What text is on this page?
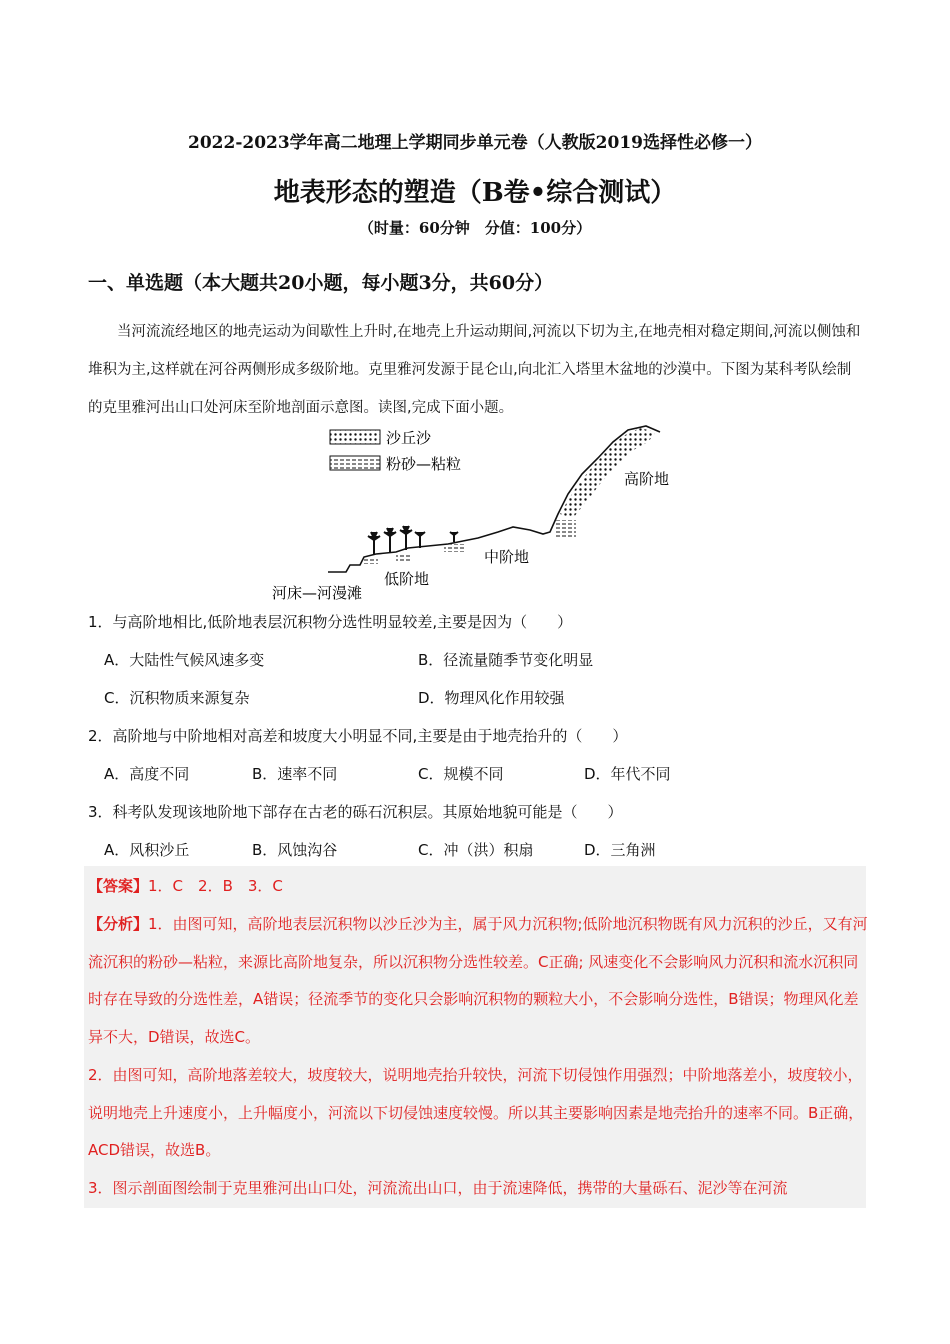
2022-2023学年高二地理上学期同步单元卷（人教版2019选择性必修一）
地表形态的塑造（B卷•综合测试）
（时量：60分钟　分值：100分）
一、单选题（本大题共20小题，每小题3分，共60分）
当河流流经地区的地壳运动为间歇性上升时,在地壳上升运动期间,河流以下切为主,在地壳相对稳定期间,河流以侧蚀和堆积为主,这样就在河谷两侧形成多级阶地。克里雅河发源于昆仑山,向北汇入塔里木盆地的沙漠中。下图为某科考队绘制的克里雅河出山口处河床至阶地剖面示意图。读图,完成下面小题。
沙丘沙
粉砂—粘粒
高阶地
中阶地
低阶地
河床—河漫滩
1．与高阶地相比,低阶地表层沉积物分选性明显较差,主要是因为（　　）
A．大陆性气候风速多变	B．径流量随季节变化明显
C．沉积物质来源复杂	D．物理风化作用较强
2．高阶地与中阶地相对高差和坡度大小明显不同,主要是由于地壳抬升的（　　）
A．高度不同	B．速率不同	C．规模不同	D．年代不同
3．科考队发现该地阶地下部存在古老的砾石沉积层。其原始地貌可能是（　　）
A．风积沙丘	B．风蚀沟谷	C．冲（洪）积扇	D．三角洲
【答案】1．C　2．B　3．C
【分析】1．由图可知，高阶地表层沉积物以沙丘沙为主，属于风力沉积物;低阶地沉积物既有风力沉积的沙丘，又有河流沉积的粉砂—粘粒，来源比高阶地复杂，所以沉积物分选性较差。C正确; 风速变化不会影响风力沉积和流水沉积同时存在导致的分选性差，A错误；径流季节的变化只会影响沉积物的颗粒大小，不会影响分选性，B错误；物理风化差异不大，D错误，故选C。
2．由图可知，高阶地落差较大，坡度较大，说明地壳抬升较快，河流下切侵蚀作用强烈；中阶地落差小，坡度较小，说明地壳上升速度小，上升幅度小，河流以下切侵蚀速度较慢。所以其主要影响因素是地壳抬升的速率不同。B正确，ACD错误，故选B。
3．图示剖面图绘制于克里雅河出山口处，河流流出山口，由于流速降低，携带的大量砾石、泥沙等在河流
